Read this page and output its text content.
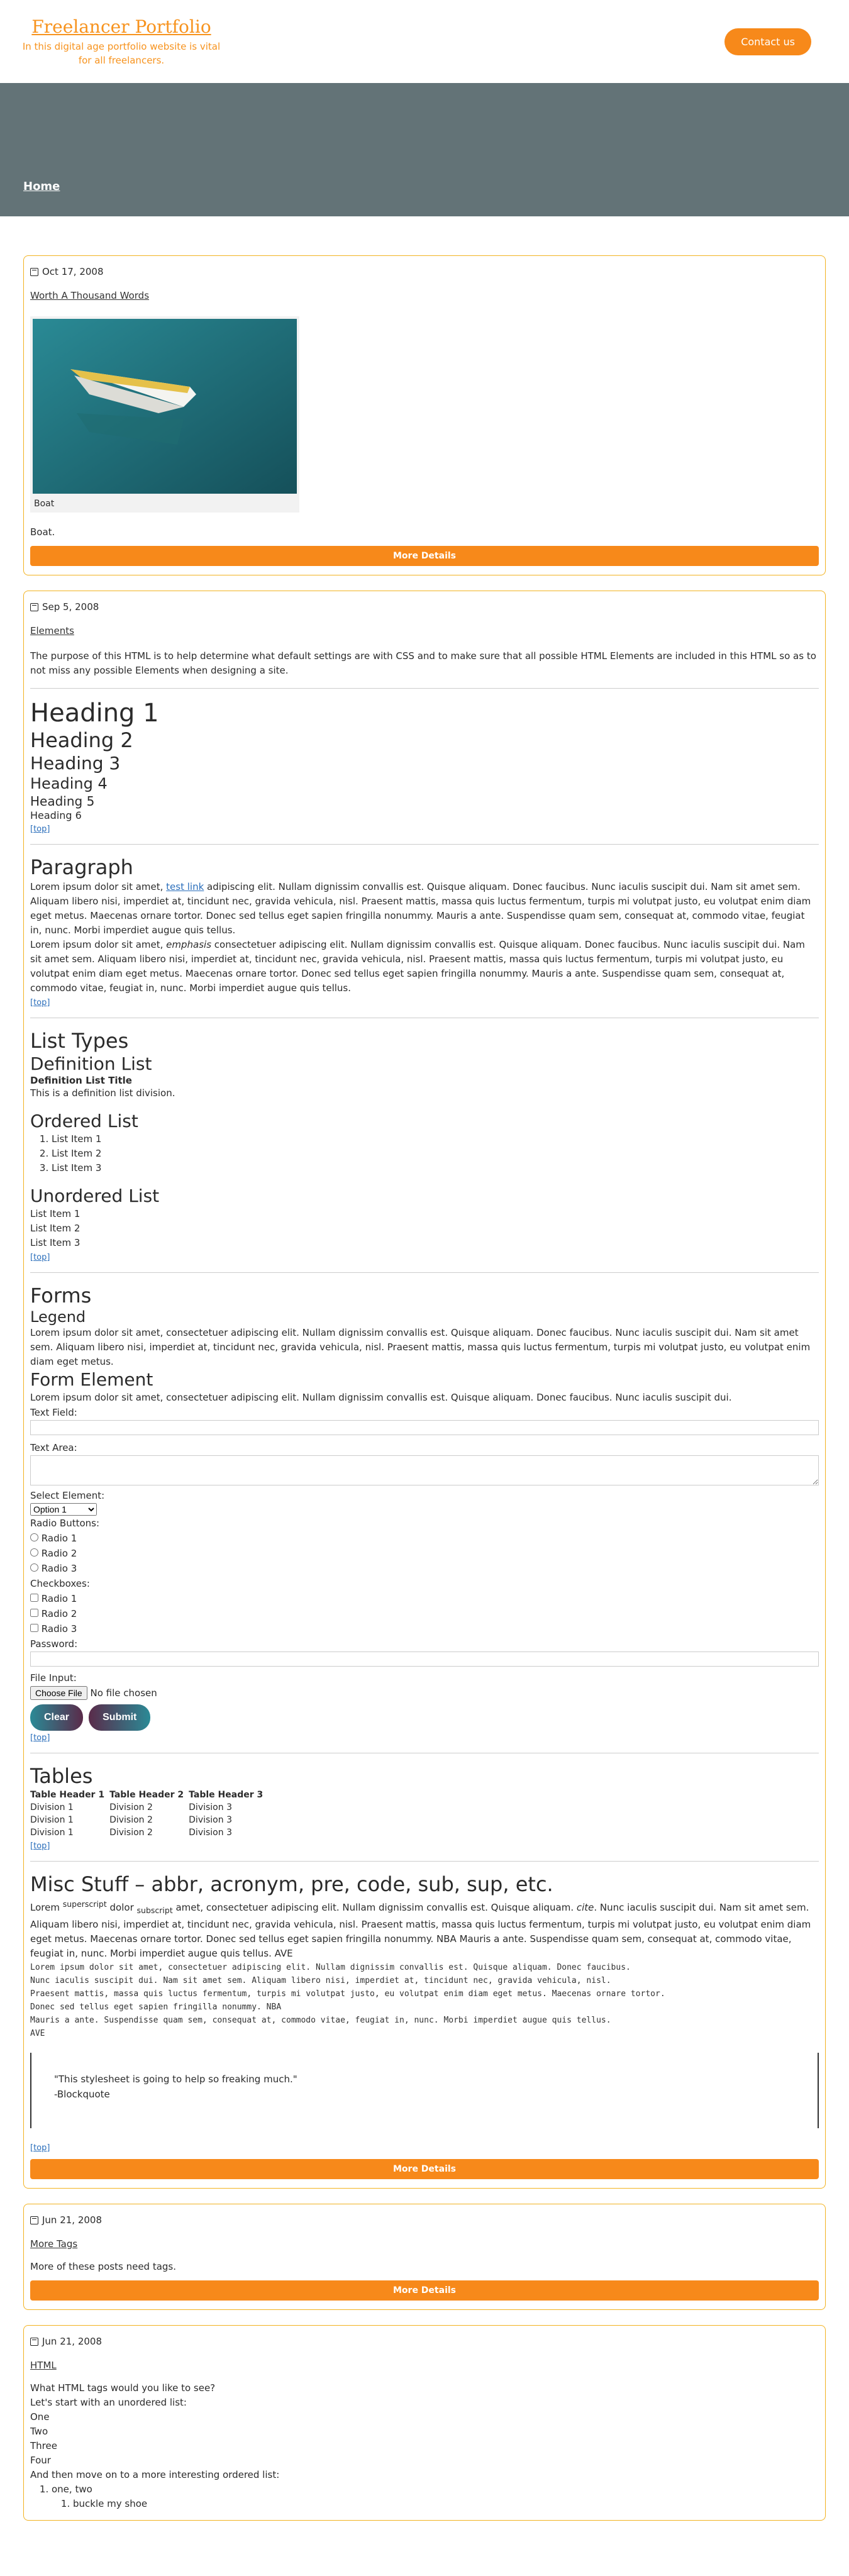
Freelancer Portfolio
In this digital age portfolio website is vital for all freelancers.
Contact us
Home
Oct 17, 2008
Worth A Thousand Words
Boat

Boat.

More Details
Sep 5, 2008
Elements

The purpose of this HTML is to help determine what default settings are with CSS and to make sure that all possible HTML Elements are included in this HTML so as to not miss any possible Elements when designing a site.

Heading 1
Heading 2
Heading 3
Heading 4
Heading 5
Heading 6
[top]
Paragraph

Lorem ipsum dolor sit amet, test link adipiscing elit. Nullam dignissim convallis est. Quisque aliquam. Donec faucibus. Nunc iaculis suscipit dui. Nam sit amet sem. Aliquam libero nisi, imperdiet at, tincidunt nec, gravida vehicula, nisl. Praesent mattis, massa quis luctus fermentum, turpis mi volutpat justo, eu volutpat enim diam eget metus. Maecenas ornare tortor. Donec sed tellus eget sapien fringilla nonummy. Mauris a ante. Suspendisse quam sem, consequat at, commodo vitae, feugiat in, nunc. Morbi imperdiet augue quis tellus.

Lorem ipsum dolor sit amet, emphasis consectetuer adipiscing elit. Nullam dignissim convallis est. Quisque aliquam. Donec faucibus. Nunc iaculis suscipit dui. Nam sit amet sem. Aliquam libero nisi, imperdiet at, tincidunt nec, gravida vehicula, nisl. Praesent mattis, massa quis luctus fermentum, turpis mi volutpat justo, eu volutpat enim diam eget metus. Maecenas ornare tortor. Donec sed tellus eget sapien fringilla nonummy. Mauris a ante. Suspendisse quam sem, consequat at, commodo vitae, feugiat in, nunc. Morbi imperdiet augue quis tellus.

[top]
List Types
Definition List
Definition List Title

This is a definition list division.

Ordered List
1. List Item 1
2. List Item 2
3. List Item 3
Unordered List
List Item 1
List Item 2
List Item 3
[top]
Forms
Legend

Lorem ipsum dolor sit amet, consectetuer adipiscing elit. Nullam dignissim convallis est. Quisque aliquam. Donec faucibus. Nunc iaculis suscipit dui. Nam sit amet sem. Aliquam libero nisi, imperdiet at, tincidunt nec, gravida vehicula, nisl. Praesent mattis, massa quis luctus fermentum, turpis mi volutpat justo, eu volutpat enim diam eget metus.

Form Element

Lorem ipsum dolor sit amet, consectetuer adipiscing elit. Nullam dignissim convallis est. Quisque aliquam. Donec faucibus. Nunc iaculis suscipit dui.

Text Field:
Text Area:
Select Element:
Option 1
Radio Buttons:
Radio 1
Radio 2
Radio 3
Checkboxes:
Radio 1
Radio 2
Radio 3
Password:
File Input:
Choose File No file chosen
Clear	Submit
[top]
Tables
Table Header 1	Table Header 2	Table Header 3
Division 1	Division 2	Division 3
Division 1	Division 2	Division 3
Division 1	Division 2	Division 3
[top]
Misc Stuff – abbr, acronym, pre, code, sub, sup, etc.

Lorem $^{superscript}$ dolor $_{subscript}$ amet, consectetuer adipiscing elit. Nullam dignissim convallis est. Quisque aliquam. cite. Nunc iaculis suscipit dui. Nam sit amet sem. Aliquam libero nisi, imperdiet at, tincidunt nec, gravida vehicula, nisl. Praesent mattis, massa quis luctus fermentum, turpis mi volutpat justo, eu volutpat enim diam eget metus. Maecenas ornare tortor. Donec sed tellus eget sapien fringilla nonummy. NBA Mauris a ante. Suspendisse quam sem, consequat at, commodo vitae, feugiat in, nunc. Morbi imperdiet augue quis tellus. AVE

Lorem ipsum dolor sit amet, consectetuer adipiscing elit. Nullam dignissim convallis est. Quisque aliquam. Donec faucibus.
Nunc iaculis suscipit dui. Nam sit amet sem. Aliquam libero nisi, imperdiet at, tincidunt nec, gravida vehicula, nisl.
Praesent mattis, massa quis luctus fermentum, turpis mi volutpat justo, eu volutpat enim diam eget metus. Maecenas ornare tortor.
Donec sed tellus eget sapien fringilla nonummy. NBA
Mauris a ante. Suspendisse quam sem, consequat at, commodo vitae, feugiat in, nunc. Morbi imperdiet augue quis tellus.
AVE
"This stylesheet is going to help so freaking much."
-Blockquote
[top]
More Details
Jun 21, 2008
More Tags

More of these posts need tags.

More Details
Jun 21, 2008
HTML

What HTML tags would you like to see?

Let's start with an unordered list:

One
Two
Three
Four

And then move on to a more interesting ordered list:

1. one, two
1. buckle my shoe
